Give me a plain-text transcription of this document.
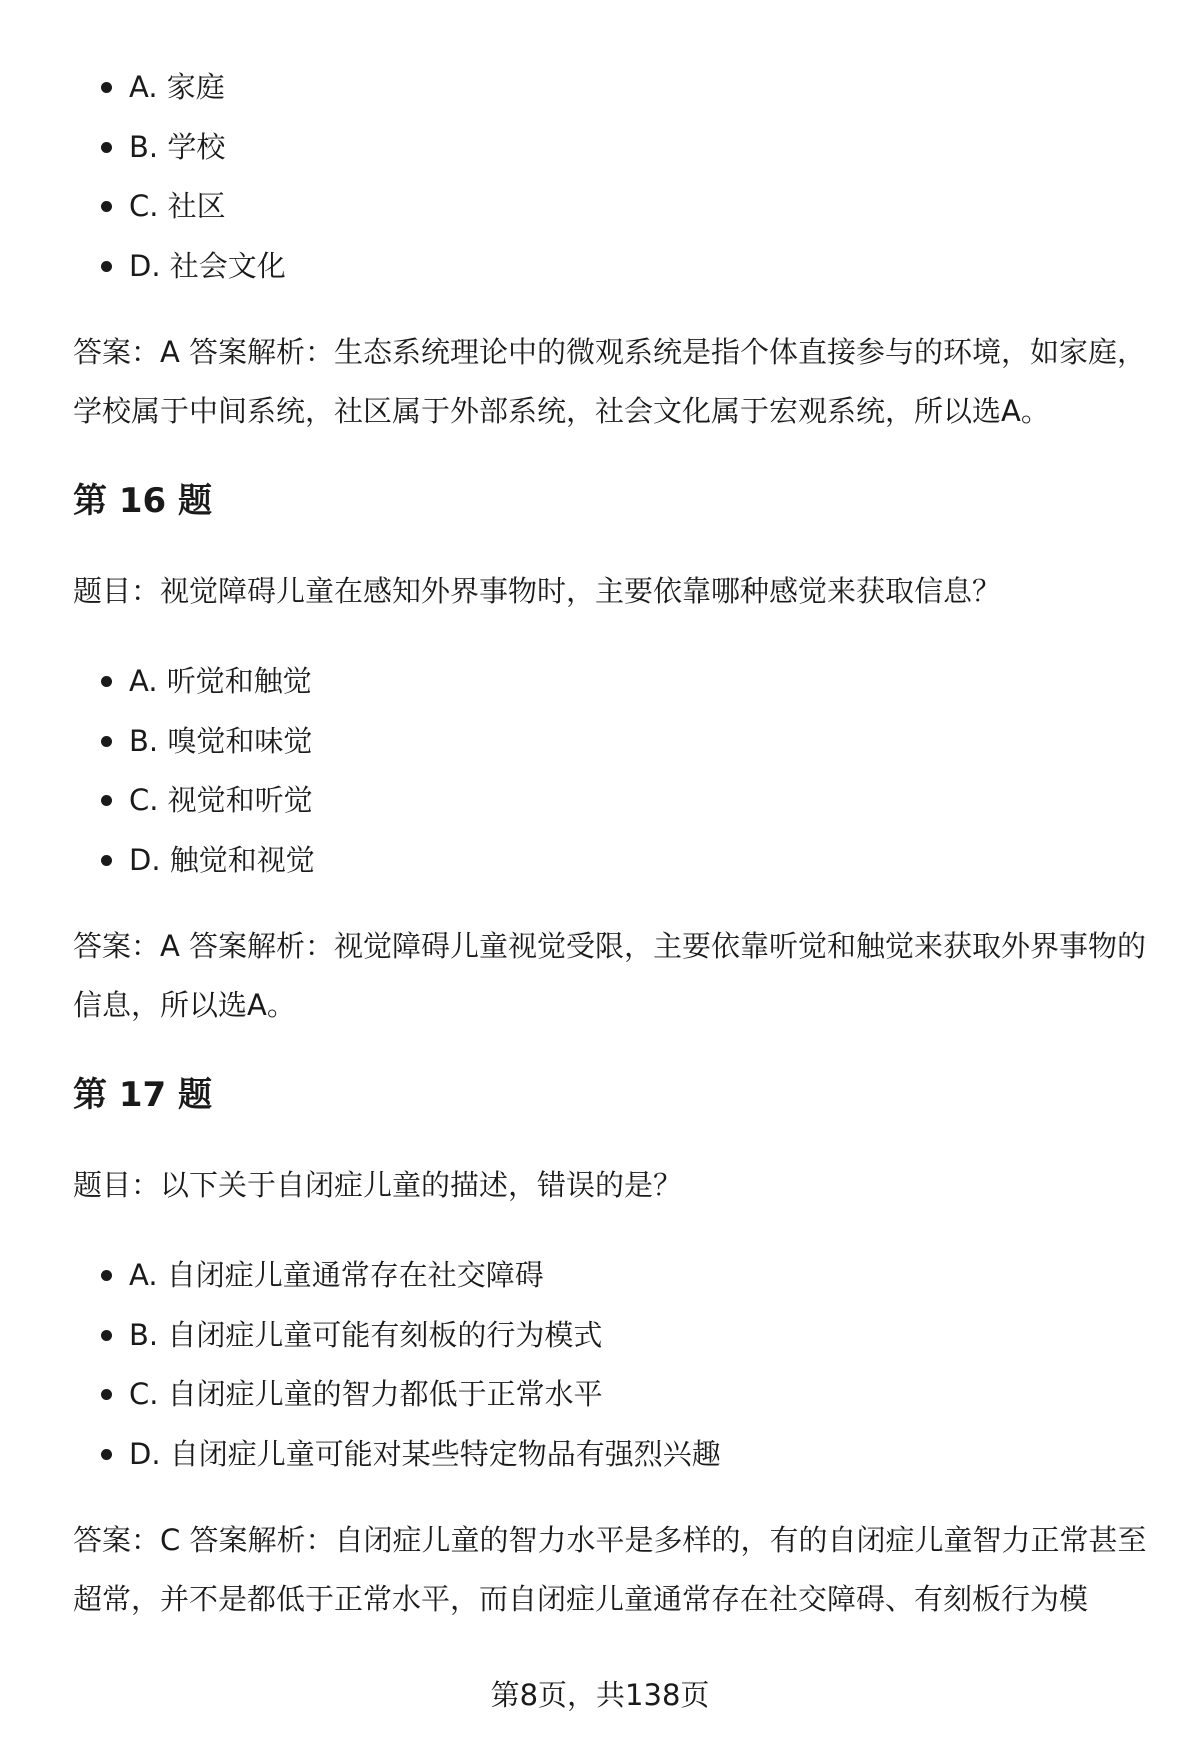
A. 家庭
B. 学校
C. 社区
D. 社会文化

答案：A 答案解析：生态系统理论中的微观系统是指个体直接参与的环境，如家庭，学校属于中间系统，社区属于外部系统，社会文化属于宏观系统，所以选A。

第 16 题

题目：视觉障碍儿童在感知外界事物时，主要依靠哪种感觉来获取信息？

A. 听觉和触觉
B. 嗅觉和味觉
C. 视觉和听觉
D. 触觉和视觉

答案：A 答案解析：视觉障碍儿童视觉受限，主要依靠听觉和触觉来获取外界事物的信息，所以选A。

第 17 题

题目：以下关于自闭症儿童的描述，错误的是？

A. 自闭症儿童通常存在社交障碍
B. 自闭症儿童可能有刻板的行为模式
C. 自闭症儿童的智力都低于正常水平
D. 自闭症儿童可能对某些特定物品有强烈兴趣

答案：C 答案解析：自闭症儿童的智力水平是多样的，有的自闭症儿童智力正常甚至超常，并不是都低于正常水平，而自闭症儿童通常存在社交障碍、有刻板行为模

第8页，共138页
